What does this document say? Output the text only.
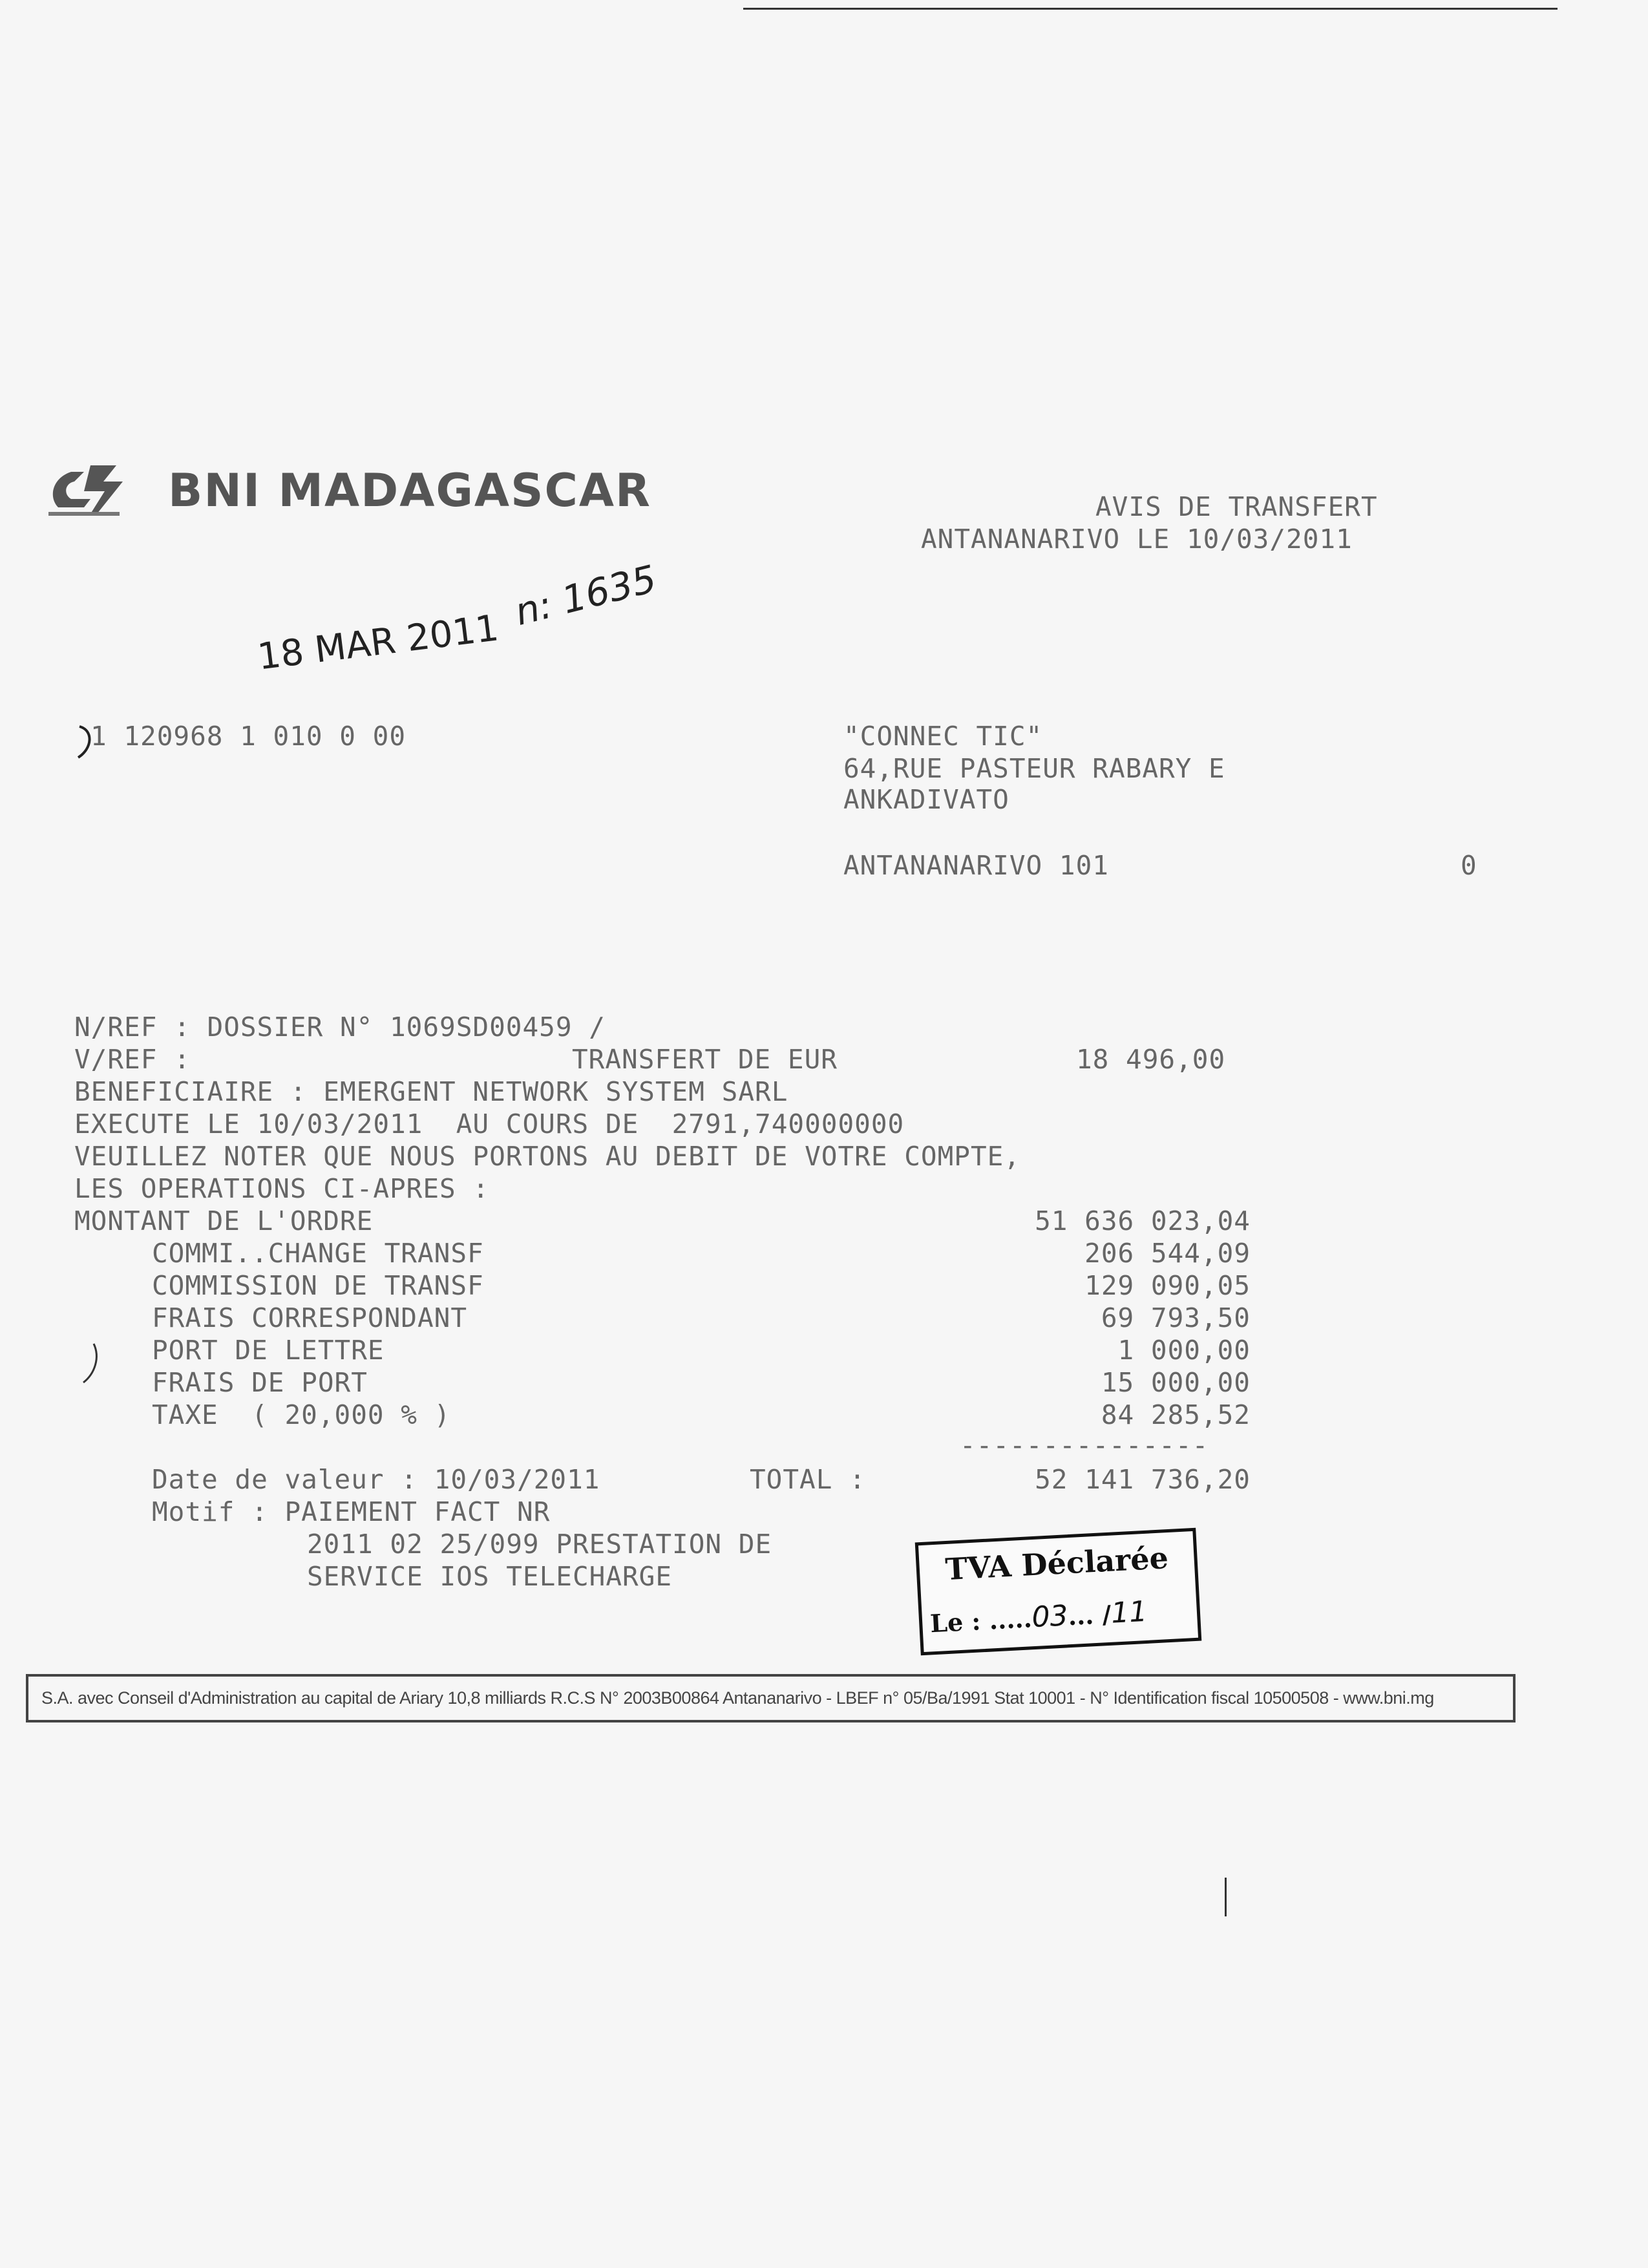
BNI MADAGASCAR	AVIS DE TRANSFERT
ANTANANARIVO LE 10/03/2011
18 MAR 2011
n: 1635
1 120968 1 010 0 00	"CONNEC TIC"
64,RUE PASTEUR RABARY E
ANKADIVATO
ANTANANARIVO 101	0
N/REF : DOSSIER N° 1069SD00459 /
V/REF :	TRANSFERT DE EUR	18 496,00
BENEFICIAIRE : EMERGENT NETWORK SYSTEM SARL
EXECUTE LE 10/03/2011  AU COURS DE  2791,740000000
VEUILLEZ NOTER QUE NOUS PORTONS AU DEBIT DE VOTRE COMPTE,
LES OPERATIONS CI-APRES :
MONTANT DE L'ORDRE	51 636 023,04
COMMI..CHANGE TRANSF	206 544,09
COMMISSION DE TRANSF	129 090,05
FRAIS CORRESPONDANT	69 793,50
PORT DE LETTRE	1 000,00
FRAIS DE PORT	15 000,00
TAXE  ( 20,000 % )	84 285,52
---------------
Date de valeur : 10/03/2011	TOTAL :	52 141 736,20
Motif : PAIEMENT FACT NR
2011 02 25/099 PRESTATION DE
SERVICE IOS TELECHARGE	TVA Déclarée
Le : .....03... /11
S.A. avec Conseil d'Administration au capital de Ariary 10,8 milliards R.C.S N° 2003B00864 Antananarivo - LBEF n° 05/Ba/1991 Stat 10001 - N° Identification fiscal 10500508 - www.bni.mg
